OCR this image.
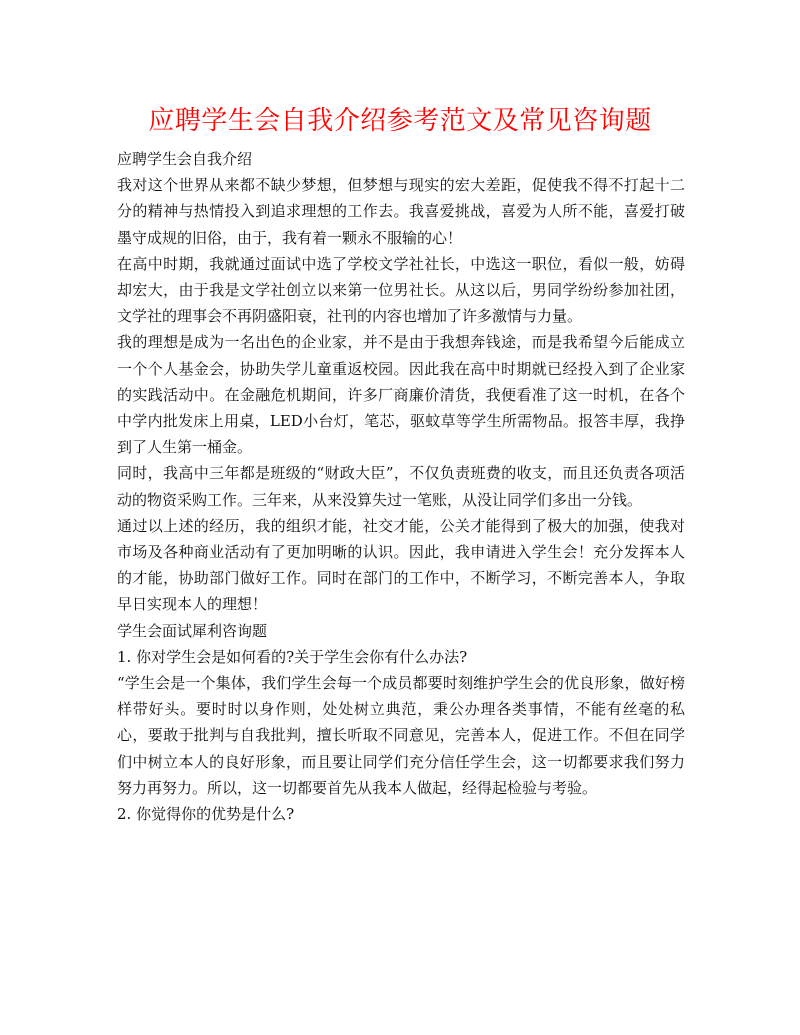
应聘学生会自我介绍参考范文及常见咨询题

应聘学生会自我介绍

我对这个世界从来都不缺少梦想，但梦想与现实的宏大差距，促使我不得不打起十二分的精神与热情投入到追求理想的工作去。我喜爱挑战，喜爱为人所不能，喜爱打破墨守成规的旧俗，由于，我有着一颗永不服输的心！

在高中时期，我就通过面试中选了学校文学社社长，中选这一职位，看似一般，妨碍却宏大，由于我是文学社创立以来第一位男社长。从这以后，男同学纷纷参加社团，文学社的理事会不再阴盛阳衰，社刊的内容也增加了许多激情与力量。

我的理想是成为一名出色的企业家，并不是由于我想奔钱途，而是我希望今后能成立一个个人基金会，协助失学儿童重返校园。因此我在高中时期就已经投入到了企业家的实践活动中。在金融危机期间，许多厂商廉价清货，我便看准了这一时机，在各个中学内批发床上用桌，LED小台灯，笔芯，驱蚊草等学生所需物品。报答丰厚，我挣到了人生第一桶金。

同时，我高中三年都是班级的“财政大臣”，不仅负责班费的收支，而且还负责各项活动的物资采购工作。三年来，从来没算失过一笔账，从没让同学们多出一分钱。

通过以上述的经历，我的组织才能，社交才能，公关才能得到了极大的加强，使我对市场及各种商业活动有了更加明晰的认识。因此，我申请进入学生会！充分发挥本人的才能，协助部门做好工作。同时在部门的工作中，不断学习，不断完善本人，争取早日实现本人的理想！

学生会面试犀利咨询题

1. 你对学生会是如何看的?关于学生会你有什么办法?

“学生会是一个集体，我们学生会每一个成员都要时刻维护学生会的优良形象，做好榜样带好头。要时时以身作则，处处树立典范，秉公办理各类事情，不能有丝毫的私心，要敢于批判与自我批判，擅长听取不同意见，完善本人，促进工作。不但在同学们中树立本人的良好形象，而且要让同学们充分信任学生会，这一切都要求我们努力努力再努力。所以，这一切都要首先从我本人做起，经得起检验与考验。

2. 你觉得你的优势是什么?
